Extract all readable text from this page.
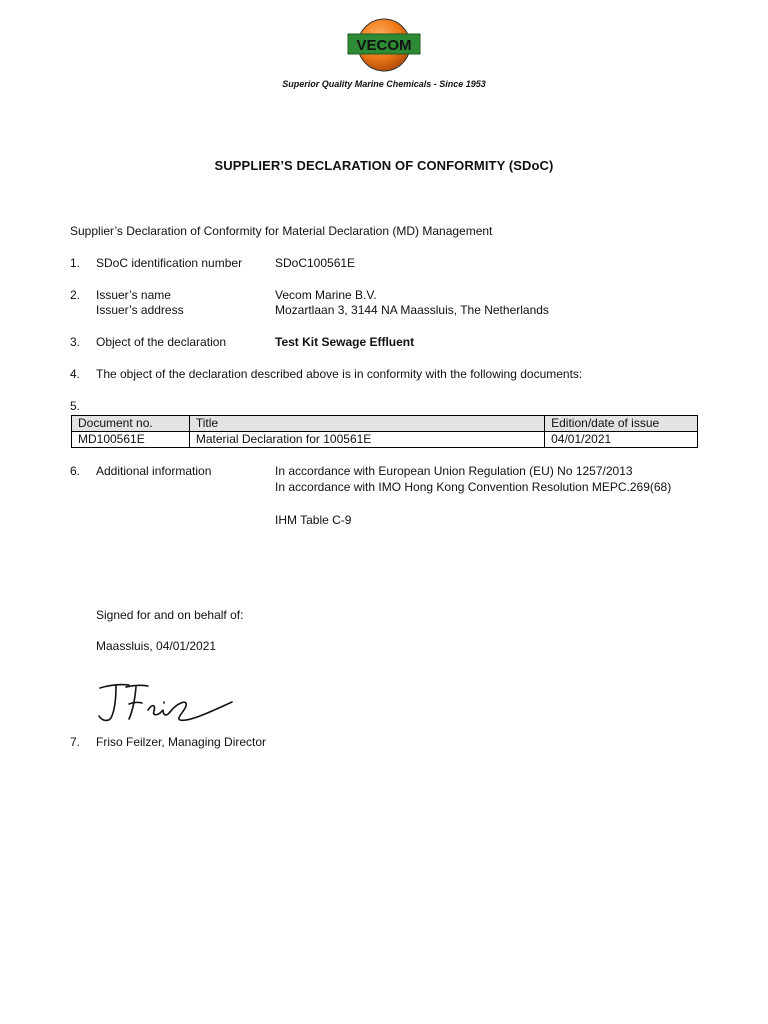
VECOM
Superior Quality Marine Chemicals - Since 1953
SUPPLIER’S DECLARATION OF CONFORMITY (SDoC)
Supplier’s Declaration of Conformity for Material Declaration (MD) Management
1. SDoC identification number	SDoC100561E
2. Issuer’s name	Vecom Marine B.V.
Issuer’s address	Mozartlaan 3, 3144 NA Maassluis, The Netherlands
3. Object of the declaration	Test Kit Sewage Effluent
4. The object of the declaration described above is in conformity with the following documents:
5.
Document no.	Title	Edition/date of issue
MD100561E	Material Declaration for 100561E	04/01/2021
6. Additional information	In accordance with European Union Regulation (EU) No 1257/2013
In accordance with IMO Hong Kong Convention Resolution MEPC.269(68)
IHM Table C-9
Signed for and on behalf of:
Maassluis, 04/01/2021
7. Friso Feilzer, Managing Director
